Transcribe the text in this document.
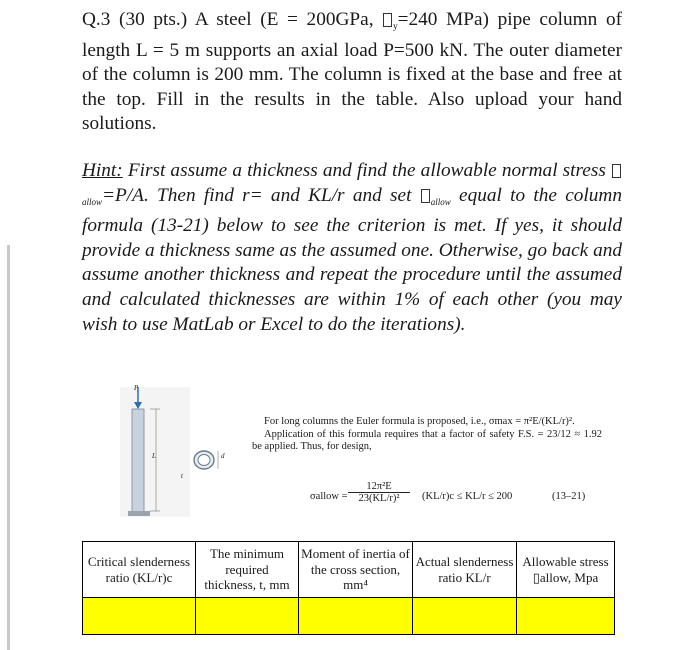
Q.3 (30 pts.) A steel (E = 200GPa, $_y$=240 MPa) pipe column of length L = 5 m supports an axial load P=500 kN. The outer diameter of the column is 200 mm. The column is fixed at the base and free at the top. Fill in the results in the table. Also upload your hand solutions.
Hint: First assume a thickness and find the allowable normal stress $_{allow}$=P/A. Then find r= and KL/r and set $_{allow}$ equal to the column formula (13-21) below to see the criterion is met. If yes, it should provide a thickness same as the assumed one. Otherwise, go back and assume another thickness and repeat the procedure until the assumed and calculated thicknesses are within 1% of each other (you may wish to use MatLab or Excel to do the iterations).
P
L	d
t

For long columns the Euler formula is proposed, i.e., σmax = π²E/(KL/r)².

Application of this formula requires that a factor of safety F.S. = 23/12 ≈ 1.92 be applied. Thus, for design,

σallow = $\frac{\text{12π²E}}{\text{23(KL/r)²}} (KL/r)c \le KL/r \le 200$	(13–21)
Critical slenderness ratio (KL/r)c	The minimum required thickness, t, mm	Moment of inertia of the cross section, mm⁴	Actual slenderness ratio KL/r	Allowable stress ▯allow, Mpa
